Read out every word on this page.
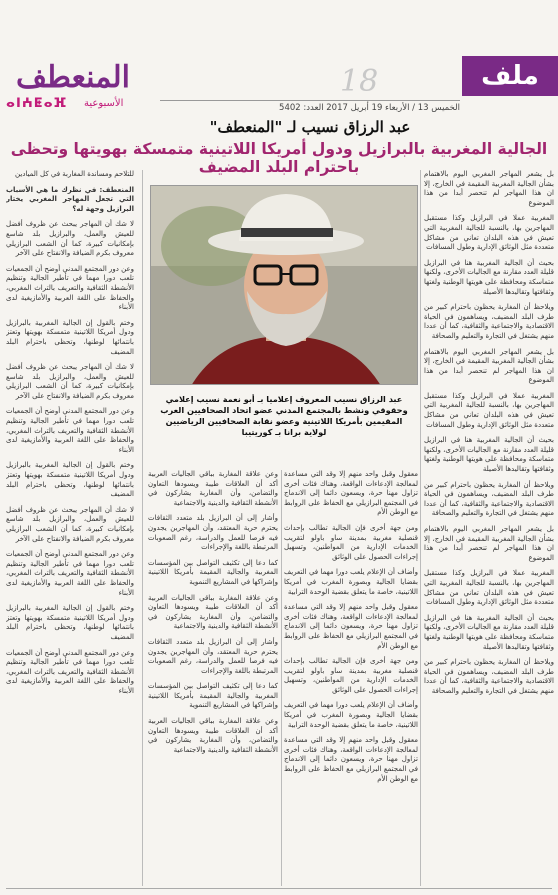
المنعطف
ⴰⵏⵄⵟⴰⴼ الأسبوعية
18	ملف
الخميس 13 / الأربعاء 19 أبريل 2017 العدد: 5402
عبد الرزاق نسيب لـ "المنعطف"
الجالية المغربية بالبرازيل ودول أمريكا اللاتينية متمسكة بهويتها وتحظى باحترام البلد المضيف	بل يشعر المهاجر المغربي اليوم بالاهتمام بشأن الجالية المغربية المقيمة في الخارج، إلا ان هذا المهاجر لم تنحصر أبدا من هذا الموضوع

المغربية عملا في البرازيل وكذا مستقبل المهاجرين بها، بالنسبة للجالية المغربية التي تعيش في هذه البلدان تعاني من مشاكل متعددة مثل الوثائق الإدارية وطول المسافات

بحيث أن الجالية المغربية هنا في البرازيل قليلة العدد مقارنة مع الجاليات الأخرى، ولكنها متماسكة ومحافظة على هويتها الوطنية ولغتها وثقافتها وتقاليدها الأصيلة

ويلاحظ أن المغاربة يحظون باحترام كبير من طرف البلد المضيف، ويساهمون في الحياة الاقتصادية والاجتماعية والثقافية، كما أن عددا منهم يشتغل في التجارة والتعليم والصحافة

بل يشعر المهاجر المغربي اليوم بالاهتمام بشأن الجالية المغربية المقيمة في الخارج، إلا ان هذا المهاجر لم تنحصر أبدا من هذا الموضوع

المغربية عملا في البرازيل وكذا مستقبل المهاجرين بها، بالنسبة للجالية المغربية التي تعيش في هذه البلدان تعاني من مشاكل متعددة مثل الوثائق الإدارية وطول المسافات

بحيث أن الجالية المغربية هنا في البرازيل قليلة العدد مقارنة مع الجاليات الأخرى، ولكنها متماسكة ومحافظة على هويتها الوطنية ولغتها وثقافتها وتقاليدها الأصيلة

ويلاحظ أن المغاربة يحظون باحترام كبير من طرف البلد المضيف، ويساهمون في الحياة الاقتصادية والاجتماعية والثقافية، كما أن عددا منهم يشتغل في التجارة والتعليم والصحافة

بل يشعر المهاجر المغربي اليوم بالاهتمام بشأن الجالية المغربية المقيمة في الخارج، إلا ان هذا المهاجر لم تنحصر أبدا من هذا الموضوع

المغربية عملا في البرازيل وكذا مستقبل المهاجرين بها، بالنسبة للجالية المغربية التي تعيش في هذه البلدان تعاني من مشاكل متعددة مثل الوثائق الإدارية وطول المسافات

بحيث أن الجالية المغربية هنا في البرازيل قليلة العدد مقارنة مع الجاليات الأخرى، ولكنها متماسكة ومحافظة على هويتها الوطنية ولغتها وثقافتها وتقاليدها الأصيلة

ويلاحظ أن المغاربة يحظون باحترام كبير من طرف البلد المضيف، ويساهمون في الحياة الاقتصادية والاجتماعية والثقافية، كما أن عددا منهم يشتغل في التجارة والتعليم والصحافة

عبد الرزاق نسيب المعروف إعلاميا بـ أبو نعمة نسيب إعلامي وحقوقي ونشط بالمجتمع المدني عضو اتحاد الصحافيين العرب المقيمين بأمريكا اللاتينية وعضو نقابة الصحافيين الرياضيين لولاية برانا بـ كوريتيبا

معقول وقبل واحد منهم إلا وقد التي مساعدة لمعالجة الإدعاءات الواقعة، وهناك فئات أخرى تزاول مهنا حرة، ويسعون دائما إلى الاندماج في المجتمع البرازيلي مع الحفاظ على الروابط مع الوطن الأم

ومن جهة أخرى فإن الجالية تطالب بإحداث قنصلية مغربية بمدينة ساو باولو لتقريب الخدمات الإدارية من المواطنين، وتسهيل إجراءات الحصول على الوثائق

وأضاف أن الإعلام يلعب دورا مهما في التعريف بقضايا الجالية وبصورة المغرب في أمريكا اللاتينية، خاصة ما يتعلق بقضية الوحدة الترابية

معقول وقبل واحد منهم إلا وقد التي مساعدة لمعالجة الإدعاءات الواقعة، وهناك فئات أخرى تزاول مهنا حرة، ويسعون دائما إلى الاندماج في المجتمع البرازيلي مع الحفاظ على الروابط مع الوطن الأم

ومن جهة أخرى فإن الجالية تطالب بإحداث قنصلية مغربية بمدينة ساو باولو لتقريب الخدمات الإدارية من المواطنين، وتسهيل إجراءات الحصول على الوثائق

وأضاف أن الإعلام يلعب دورا مهما في التعريف بقضايا الجالية وبصورة المغرب في أمريكا اللاتينية، خاصة ما يتعلق بقضية الوحدة الترابية

معقول وقبل واحد منهم إلا وقد التي مساعدة لمعالجة الإدعاءات الواقعة، وهناك فئات أخرى تزاول مهنا حرة، ويسعون دائما إلى الاندماج في المجتمع البرازيلي مع الحفاظ على الروابط مع الوطن الأم

وعن علاقة المغاربة بباقي الجاليات العربية أكد أن العلاقات طيبة ويسودها التعاون والتضامن، وأن المغاربة يشاركون في الأنشطة الثقافية والدينية والاجتماعية

وأشار إلى أن البرازيل بلد متعدد الثقافات يحترم حرية المعتقد، وأن المهاجرين يجدون فيه فرصا للعمل والدراسة، رغم الصعوبات المرتبطة باللغة والإجراءات

كما دعا إلى تكثيف التواصل بين المؤسسات المغربية والجالية المقيمة بأمريكا اللاتينية وإشراكها في المشاريع التنموية

وعن علاقة المغاربة بباقي الجاليات العربية أكد أن العلاقات طيبة ويسودها التعاون والتضامن، وأن المغاربة يشاركون في الأنشطة الثقافية والدينية والاجتماعية

وأشار إلى أن البرازيل بلد متعدد الثقافات يحترم حرية المعتقد، وأن المهاجرين يجدون فيه فرصا للعمل والدراسة، رغم الصعوبات المرتبطة باللغة والإجراءات

كما دعا إلى تكثيف التواصل بين المؤسسات المغربية والجالية المقيمة بأمريكا اللاتينية وإشراكها في المشاريع التنموية

وعن علاقة المغاربة بباقي الجاليات العربية أكد أن العلاقات طيبة ويسودها التعاون والتضامن، وأن المغاربة يشاركون في الأنشطة الثقافية والدينية والاجتماعية

للتلاحم ومساندة المغاربة في كل الميادين

المنعطف: في نظرك ما هي الأسباب التي تجعل المهاجر المغربي يختار البرازيل وجهة له؟

لا شك أن المهاجر يبحث عن ظروف أفضل للعيش والعمل، والبرازيل بلد شاسع بإمكانيات كبيرة، كما أن الشعب البرازيلي معروف بكرم الضيافة والانفتاح على الآخر

وعن دور المجتمع المدني أوضح أن الجمعيات تلعب دورا مهما في تأطير الجالية وتنظيم الأنشطة الثقافية والتعريف بالتراث المغربي، والحفاظ على اللغة العربية والأمازيغية لدى الأبناء

وختم بالقول إن الجالية المغربية بالبرازيل ودول أمريكا اللاتينية متمسكة بهويتها وتعتز بانتمائها لوطنها، وتحظى باحترام البلد المضيف

لا شك أن المهاجر يبحث عن ظروف أفضل للعيش والعمل، والبرازيل بلد شاسع بإمكانيات كبيرة، كما أن الشعب البرازيلي معروف بكرم الضيافة والانفتاح على الآخر

وعن دور المجتمع المدني أوضح أن الجمعيات تلعب دورا مهما في تأطير الجالية وتنظيم الأنشطة الثقافية والتعريف بالتراث المغربي، والحفاظ على اللغة العربية والأمازيغية لدى الأبناء

وختم بالقول إن الجالية المغربية بالبرازيل ودول أمريكا اللاتينية متمسكة بهويتها وتعتز بانتمائها لوطنها، وتحظى باحترام البلد المضيف

لا شك أن المهاجر يبحث عن ظروف أفضل للعيش والعمل، والبرازيل بلد شاسع بإمكانيات كبيرة، كما أن الشعب البرازيلي معروف بكرم الضيافة والانفتاح على الآخر

وعن دور المجتمع المدني أوضح أن الجمعيات تلعب دورا مهما في تأطير الجالية وتنظيم الأنشطة الثقافية والتعريف بالتراث المغربي، والحفاظ على اللغة العربية والأمازيغية لدى الأبناء

وختم بالقول إن الجالية المغربية بالبرازيل ودول أمريكا اللاتينية متمسكة بهويتها وتعتز بانتمائها لوطنها، وتحظى باحترام البلد المضيف

وعن دور المجتمع المدني أوضح أن الجمعيات تلعب دورا مهما في تأطير الجالية وتنظيم الأنشطة الثقافية والتعريف بالتراث المغربي، والحفاظ على اللغة العربية والأمازيغية لدى الأبناء
